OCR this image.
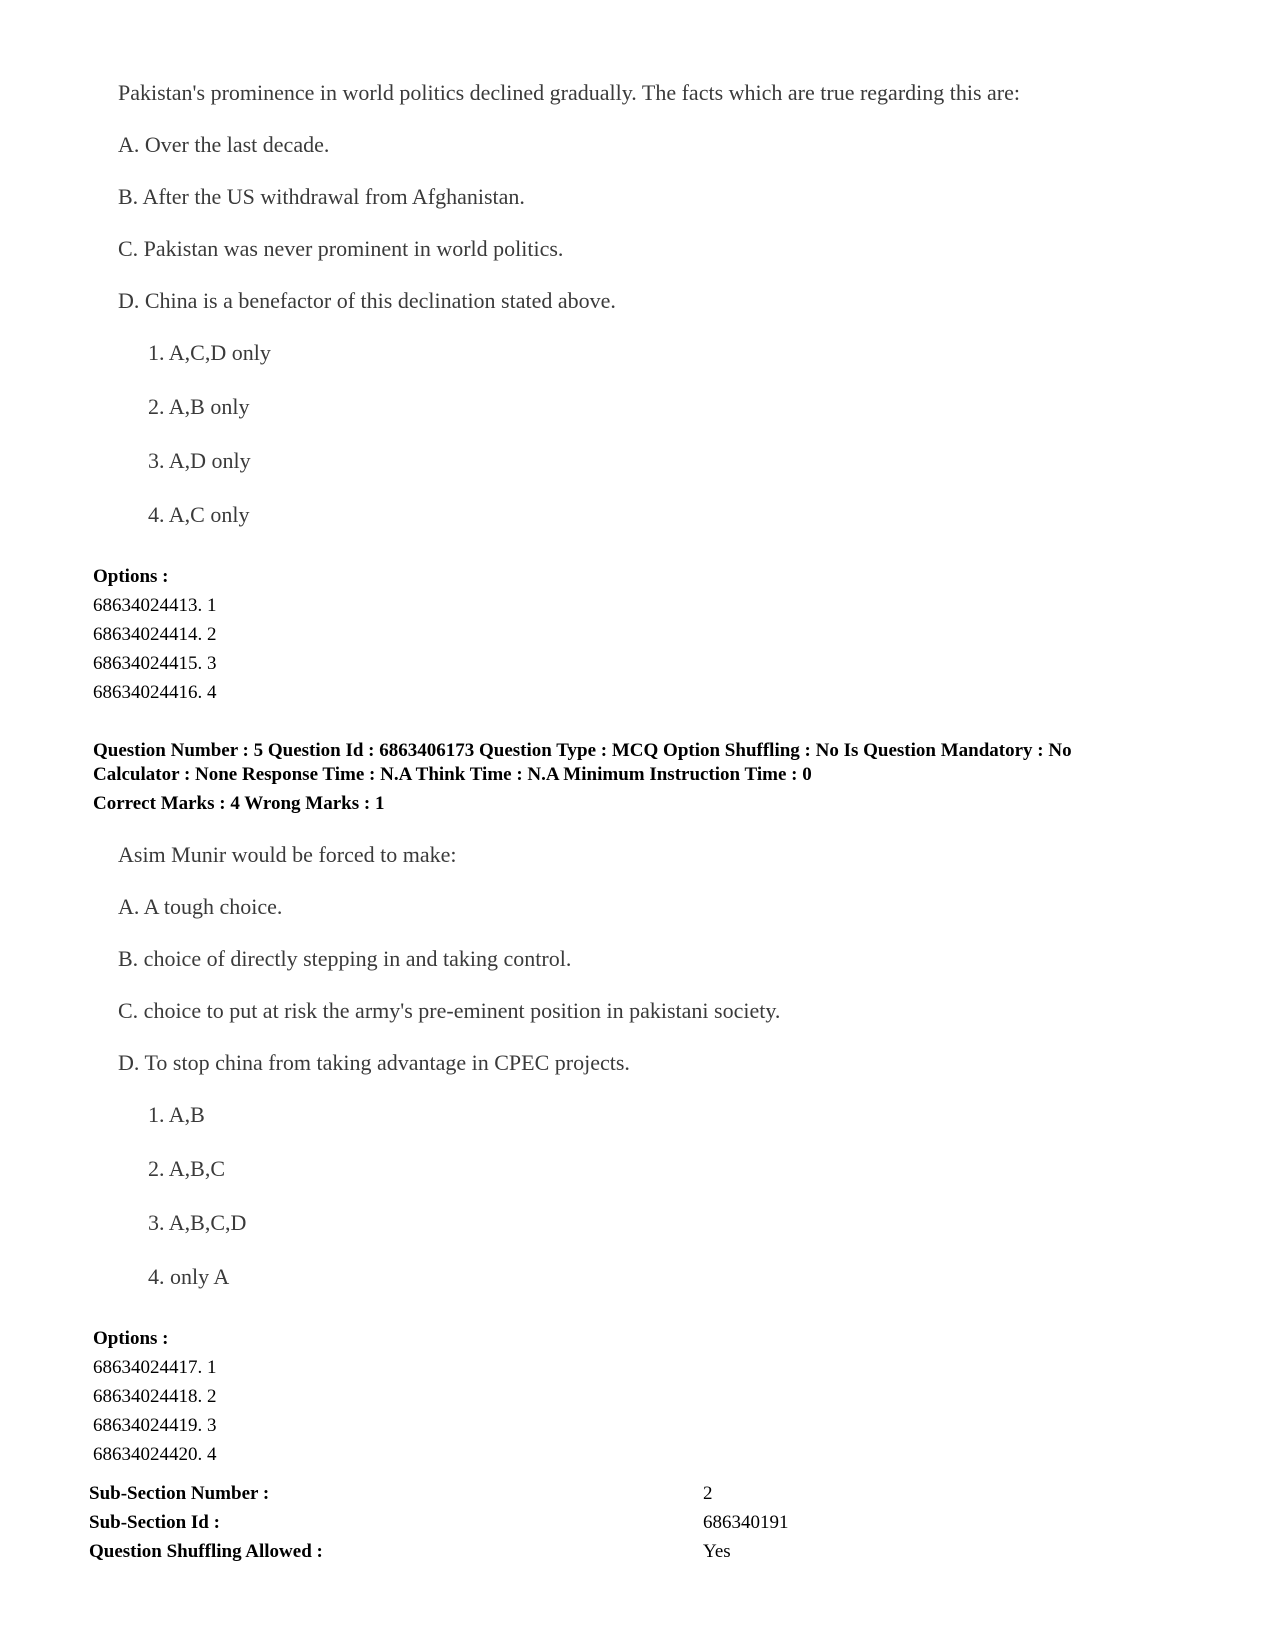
Pakistan's prominence in world politics declined gradually. The facts which are true regarding this are:
A. Over the last decade.
B. After the US withdrawal from Afghanistan.
C. Pakistan was never prominent in world politics.
D. China is a benefactor of this declination stated above.
1. A,C,D only
2. A,B only
3. A,D only
4. A,C only
Options :
68634024413. 1
68634024414. 2
68634024415. 3
68634024416. 4
Question Number : 5 Question Id : 6863406173 Question Type : MCQ Option Shuffling : No Is Question Mandatory : No
Calculator : None Response Time : N.A Think Time : N.A Minimum Instruction Time : 0
Correct Marks : 4 Wrong Marks : 1
Asim Munir would be forced to make:
A. A tough choice.
B. choice of directly stepping in and taking control.
C. choice to put at risk the army's pre-eminent position in pakistani society.
D. To stop china from taking advantage in CPEC projects.
1. A,B
2. A,B,C
3. A,B,C,D
4. only A
Options :
68634024417. 1
68634024418. 2
68634024419. 3
68634024420. 4
Sub-Section Number :	2
Sub-Section Id :	686340191
Question Shuffling Allowed :	Yes
